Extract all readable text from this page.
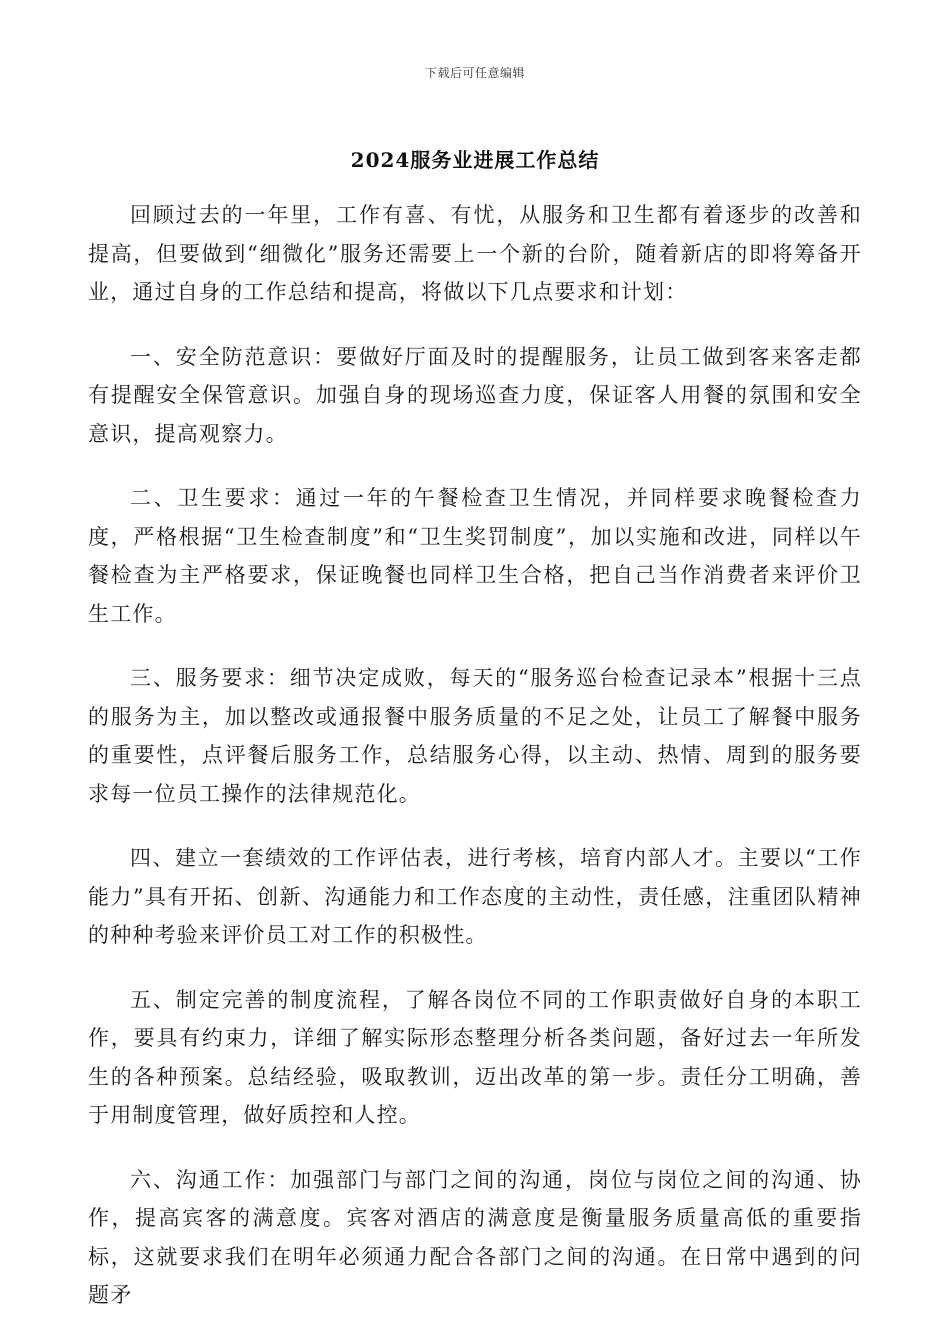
下载后可任意编辑
2024服务业进展工作总结

回顾过去的一年里，工作有喜、有忧，从服务和卫生都有着逐步的改善和提高，但要做到“细微化”服务还需要上一个新的台阶，随着新店的即将筹备开业，通过自身的工作总结和提高，将做以下几点要求和计划：

一、安全防范意识：要做好厅面及时的提醒服务，让员工做到客来客走都有提醒安全保管意识。加强自身的现场巡查力度，保证客人用餐的氛围和安全意识，提高观察力。

二、卫生要求：通过一年的午餐检查卫生情况，并同样要求晚餐检查力度，严格根据“卫生检查制度”和“卫生奖罚制度”，加以实施和改进，同样以午餐检查为主严格要求，保证晚餐也同样卫生合格，把自己当作消费者来评价卫生工作。

三、服务要求：细节决定成败，每天的“服务巡台检查记录本”根据十三点的服务为主，加以整改或通报餐中服务质量的不足之处，让员工了解餐中服务的重要性，点评餐后服务工作，总结服务心得，以主动、热情、周到的服务要求每一位员工操作的法律规范化。

四、建立一套绩效的工作评估表，进行考核，培育内部人才。主要以“工作能力”具有开拓、创新、沟通能力和工作态度的主动性，责任感，注重团队精神的种种考验来评价员工对工作的积极性。

五、制定完善的制度流程，了解各岗位不同的工作职责做好自身的本职工作，要具有约束力，详细了解实际形态整理分析各类问题，备好过去一年所发生的各种预案。总结经验，吸取教训，迈出改革的第一步。责任分工明确，善于用制度管理，做好质控和人控。

六、沟通工作：加强部门与部门之间的沟通，岗位与岗位之间的沟通、协作，提高宾客的满意度。宾客对酒店的满意度是衡量服务质量高低的重要指标，这就要求我们在明年必须通力配合各部门之间的沟通。在日常中遇到的问题矛
